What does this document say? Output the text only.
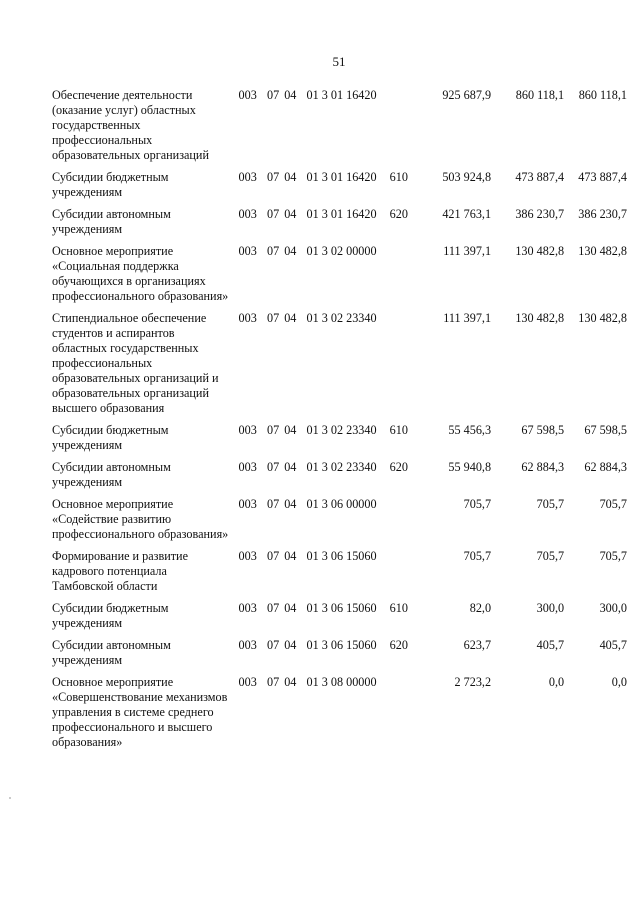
51
Обеспечение деятельности (оказание услуг) областных государственных профессиональных образовательных организаций	003	07	04	01 3 01 16420		925 687,9	860 118,1	860 118,1
Субсидии бюджетным учреждениям	003	07	04	01 3 01 16420	610	503 924,8	473 887,4	473 887,4
Субсидии автономным учреждениям	003	07	04	01 3 01 16420	620	421 763,1	386 230,7	386 230,7
Основное мероприятие «Социальная поддержка обучающихся в организациях профессионального образования»	003	07	04	01 3 02 00000		111 397,1	130 482,8	130 482,8
Стипендиальное обеспечение студентов и аспирантов областных государственных профессиональных образовательных организаций и образовательных организаций высшего образования	003	07	04	01 3 02 23340		111 397,1	130 482,8	130 482,8
Субсидии бюджетным учреждениям	003	07	04	01 3 02 23340	610	55 456,3	67 598,5	67 598,5
Субсидии автономным учреждениям	003	07	04	01 3 02 23340	620	55 940,8	62 884,3	62 884,3
Основное мероприятие «Содействие развитию профессионального образования»	003	07	04	01 3 06 00000		705,7	705,7	705,7
Формирование и развитие кадрового потенциала Тамбовской области	003	07	04	01 3 06 15060		705,7	705,7	705,7
Субсидии бюджетным учреждениям	003	07	04	01 3 06 15060	610	82,0	300,0	300,0
Субсидии автономным учреждениям	003	07	04	01 3 06 15060	620	623,7	405,7	405,7
Основное мероприятие «Совершенствование механизмов управления в системе среднего профессионального и высшего образования»	003	07	04	01 3 08 00000		2 723,2	0,0	0,0
